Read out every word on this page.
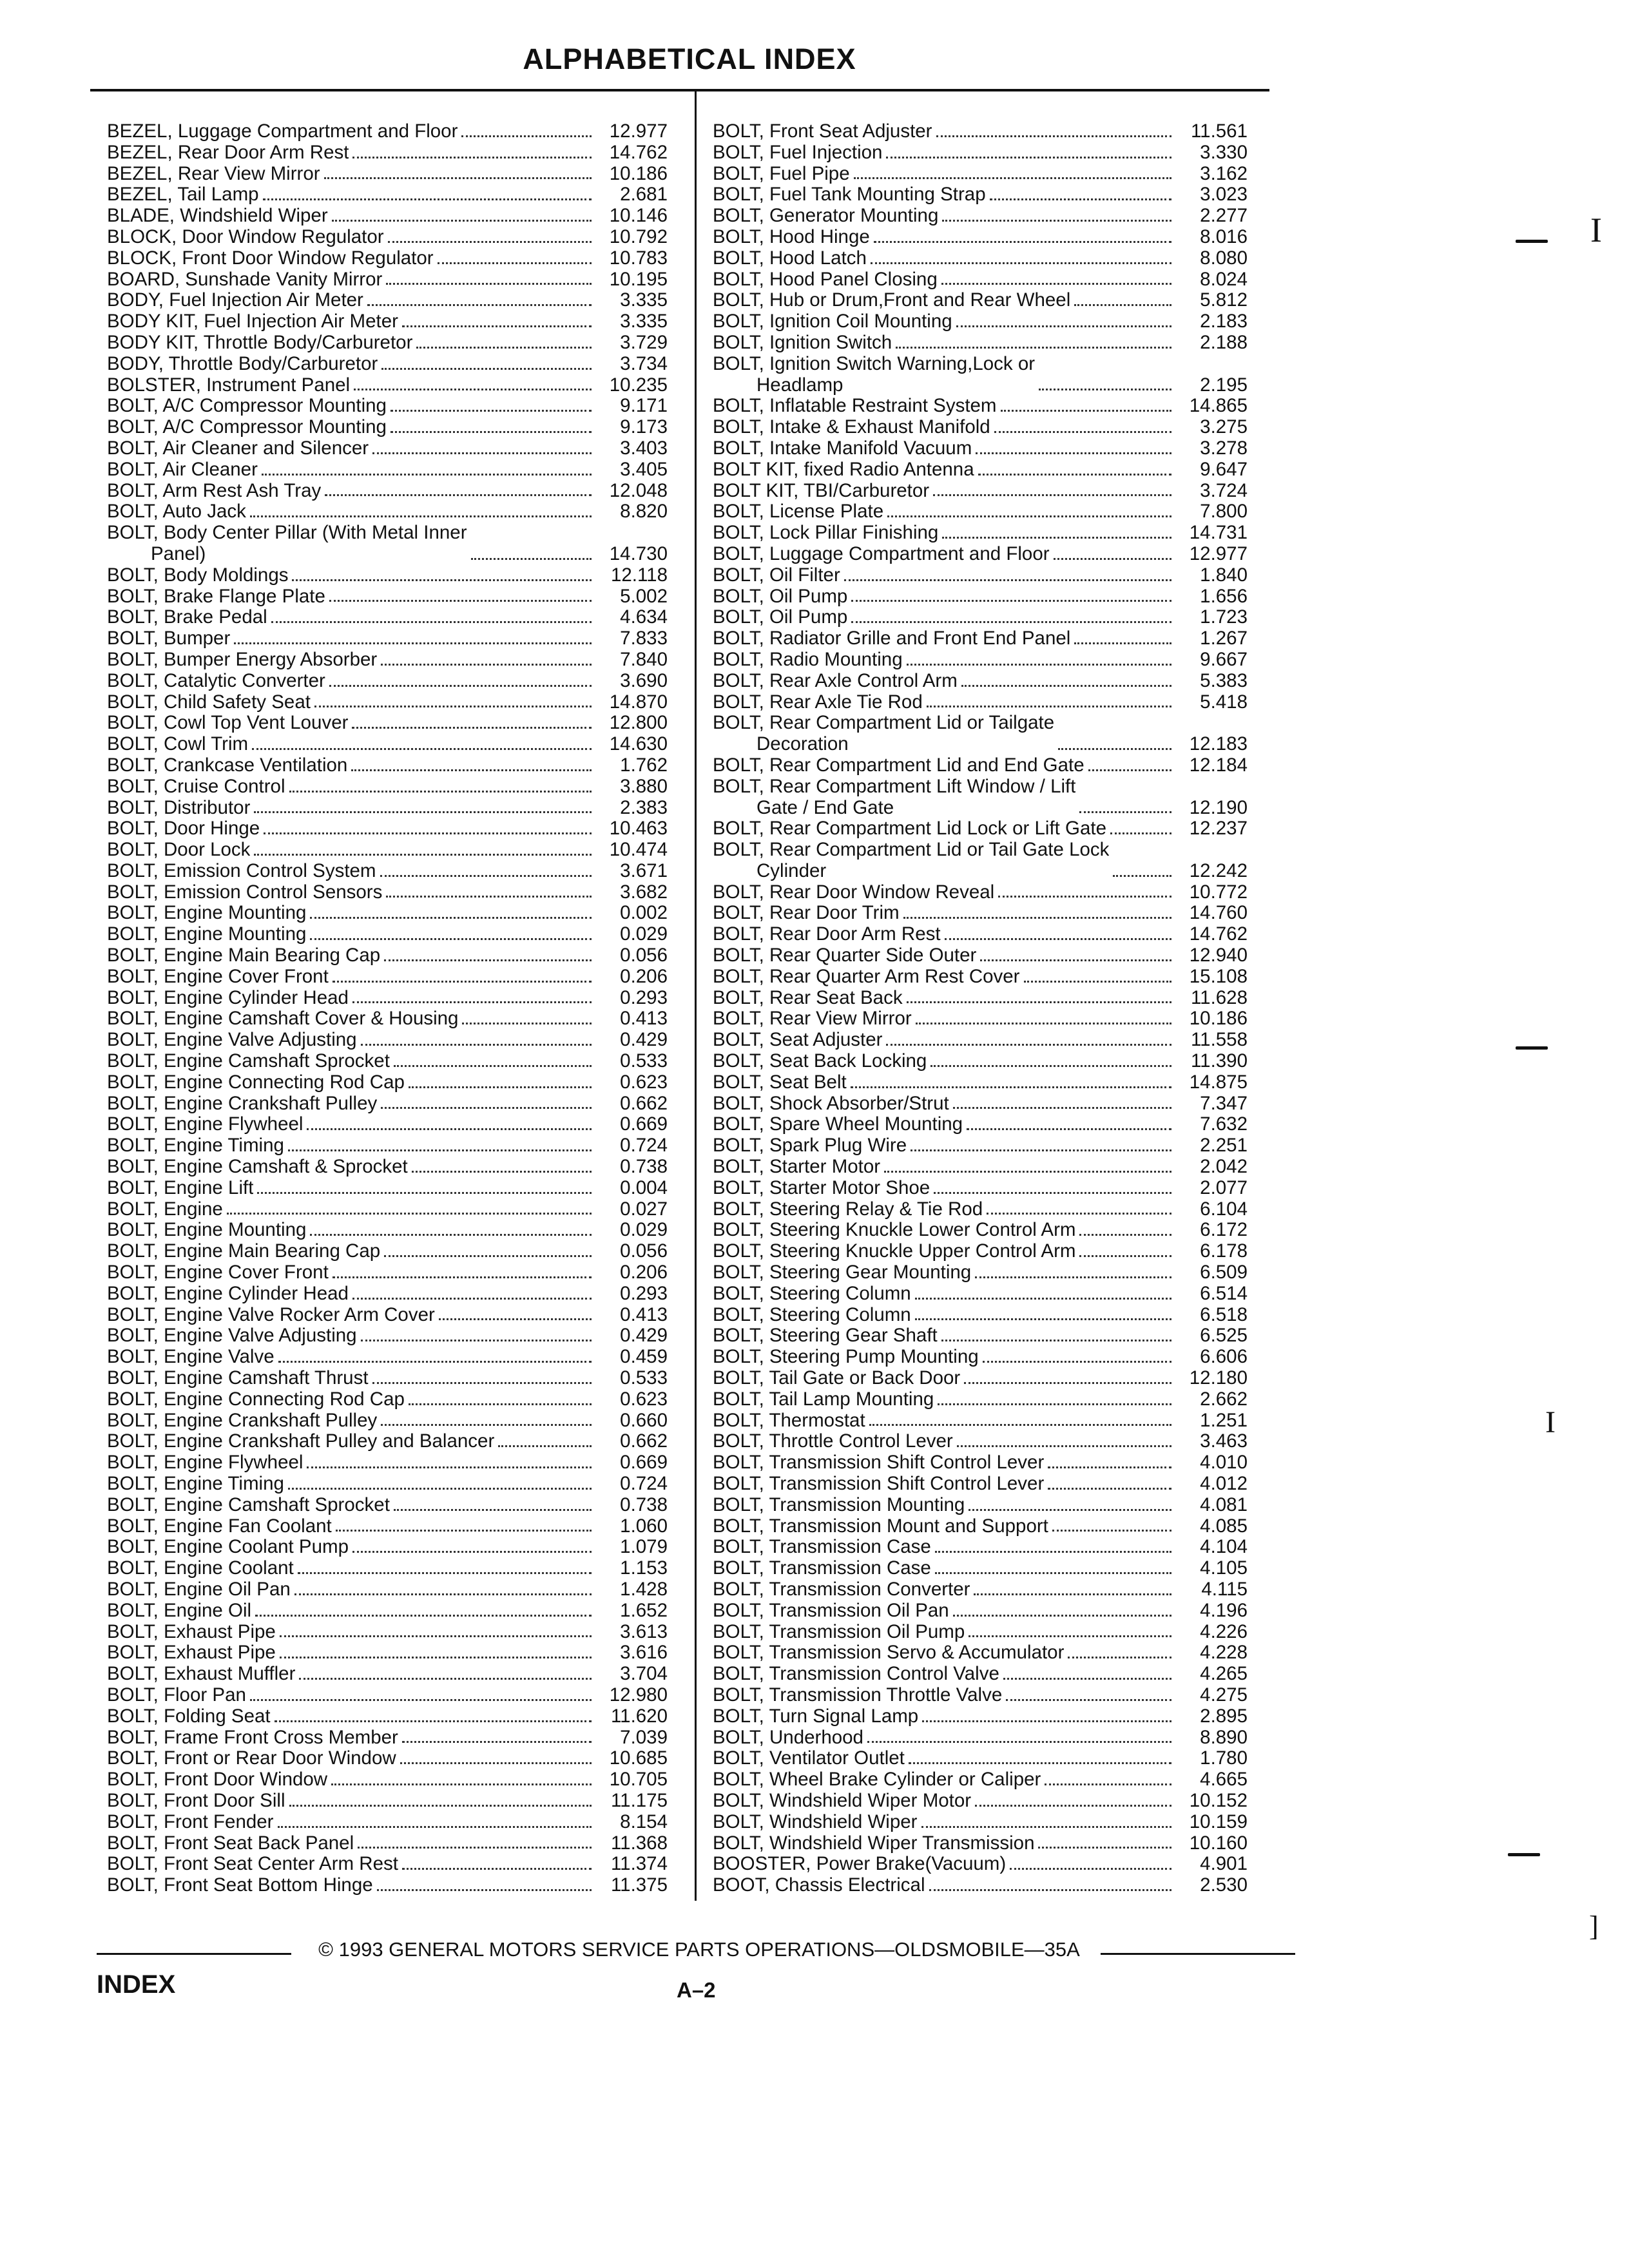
ALPHABETICAL INDEX
BEZEL, Luggage Compartment and Floor	12.977
BEZEL, Rear Door Arm Rest	14.762
BEZEL, Rear View Mirror	10.186
BEZEL, Tail Lamp	2.681
BLADE, Windshield Wiper	10.146
BLOCK, Door Window Regulator	10.792
BLOCK, Front Door Window Regulator	10.783
BOARD, Sunshade Vanity Mirror	10.195
BODY, Fuel Injection Air Meter	3.335
BODY KIT, Fuel Injection Air Meter	3.335
BODY KIT, Throttle Body/Carburetor	3.729
BODY, Throttle Body/Carburetor	3.734
BOLSTER, Instrument Panel	10.235
BOLT, A/C Compressor Mounting	9.171
BOLT, A/C Compressor Mounting	9.173
BOLT, Air Cleaner and Silencer	3.403
BOLT, Air Cleaner	3.405
BOLT, Arm Rest Ash Tray	12.048
BOLT, Auto Jack	8.820
BOLT, Body Center Pillar (With Metal Inner
Panel)	14.730
BOLT, Body Moldings	12.118
BOLT, Brake Flange Plate	5.002
BOLT, Brake Pedal	4.634
BOLT, Bumper	7.833
BOLT, Bumper Energy Absorber	7.840
BOLT, Catalytic Converter	3.690
BOLT, Child Safety Seat	14.870
BOLT, Cowl Top Vent Louver	12.800
BOLT, Cowl Trim	14.630
BOLT, Crankcase Ventilation	1.762
BOLT, Cruise Control	3.880
BOLT, Distributor	2.383
BOLT, Door Hinge	10.463
BOLT, Door Lock	10.474
BOLT, Emission Control System	3.671
BOLT, Emission Control Sensors	3.682
BOLT, Engine Mounting	0.002
BOLT, Engine Mounting	0.029
BOLT, Engine Main Bearing Cap	0.056
BOLT, Engine Cover Front	0.206
BOLT, Engine Cylinder Head	0.293
BOLT, Engine Camshaft Cover & Housing	0.413
BOLT, Engine Valve Adjusting	0.429
BOLT, Engine Camshaft Sprocket	0.533
BOLT, Engine Connecting Rod Cap	0.623
BOLT, Engine Crankshaft Pulley	0.662
BOLT, Engine Flywheel	0.669
BOLT, Engine Timing	0.724
BOLT, Engine Camshaft & Sprocket	0.738
BOLT, Engine Lift	0.004
BOLT, Engine	0.027
BOLT, Engine Mounting	0.029
BOLT, Engine Main Bearing Cap	0.056
BOLT, Engine Cover Front	0.206
BOLT, Engine Cylinder Head	0.293
BOLT, Engine Valve Rocker Arm Cover	0.413
BOLT, Engine Valve Adjusting	0.429
BOLT, Engine Valve	0.459
BOLT, Engine Camshaft Thrust	0.533
BOLT, Engine Connecting Rod Cap	0.623
BOLT, Engine Crankshaft Pulley	0.660
BOLT, Engine Crankshaft Pulley and Balancer	0.662
BOLT, Engine Flywheel	0.669
BOLT, Engine Timing	0.724
BOLT, Engine Camshaft Sprocket	0.738
BOLT, Engine Fan Coolant	1.060
BOLT, Engine Coolant Pump	1.079
BOLT, Engine Coolant	1.153
BOLT, Engine Oil Pan	1.428
BOLT, Engine Oil	1.652
BOLT, Exhaust Pipe	3.613
BOLT, Exhaust Pipe	3.616
BOLT, Exhaust Muffler	3.704
BOLT, Floor Pan	12.980
BOLT, Folding Seat	11.620
BOLT, Frame Front Cross Member	7.039
BOLT, Front or Rear Door Window	10.685
BOLT, Front Door Window	10.705
BOLT, Front Door Sill	11.175
BOLT, Front Fender	8.154
BOLT, Front Seat Back Panel	11.368
BOLT, Front Seat Center Arm Rest	11.374
BOLT, Front Seat Bottom Hinge	11.375
BOLT, Front Seat Adjuster	11.561
BOLT, Fuel Injection	3.330
BOLT, Fuel Pipe	3.162
BOLT, Fuel Tank Mounting Strap	3.023
BOLT, Generator Mounting	2.277
BOLT, Hood Hinge	8.016
BOLT, Hood Latch	8.080
BOLT, Hood Panel Closing	8.024
BOLT, Hub or Drum,Front and Rear Wheel	5.812
BOLT, Ignition Coil Mounting	2.183
BOLT, Ignition Switch	2.188
BOLT, Ignition Switch Warning,Lock or
Headlamp	2.195
BOLT, Inflatable Restraint System	14.865
BOLT, Intake & Exhaust Manifold	3.275
BOLT, Intake Manifold Vacuum	3.278
BOLT KIT, fixed Radio Antenna	9.647
BOLT KIT, TBI/Carburetor	3.724
BOLT, License Plate	7.800
BOLT, Lock Pillar Finishing	14.731
BOLT, Luggage Compartment and Floor	12.977
BOLT, Oil Filter	1.840
BOLT, Oil Pump	1.656
BOLT, Oil Pump	1.723
BOLT, Radiator Grille and Front End Panel	1.267
BOLT, Radio Mounting	9.667
BOLT, Rear Axle Control Arm	5.383
BOLT, Rear Axle Tie Rod	5.418
BOLT, Rear Compartment Lid or Tailgate
Decoration	12.183
BOLT, Rear Compartment Lid and End Gate	12.184
BOLT, Rear Compartment Lift Window / Lift
Gate / End Gate	12.190
BOLT, Rear Compartment Lid Lock or Lift Gate	12.237
BOLT, Rear Compartment Lid or Tail Gate Lock
Cylinder	12.242
BOLT, Rear Door Window Reveal	10.772
BOLT, Rear Door Trim	14.760
BOLT, Rear Door Arm Rest	14.762
BOLT, Rear Quarter Side Outer	12.940
BOLT, Rear Quarter Arm Rest Cover	15.108
BOLT, Rear Seat Back	11.628
BOLT, Rear View Mirror	10.186
BOLT, Seat Adjuster	11.558
BOLT, Seat Back Locking	11.390
BOLT, Seat Belt	14.875
BOLT, Shock Absorber/Strut	7.347
BOLT, Spare Wheel Mounting	7.632
BOLT, Spark Plug Wire	2.251
BOLT, Starter Motor	2.042
BOLT, Starter Motor Shoe	2.077
BOLT, Steering Relay & Tie Rod	6.104
BOLT, Steering Knuckle Lower Control Arm	6.172
BOLT, Steering Knuckle Upper Control Arm	6.178
BOLT, Steering Gear Mounting	6.509
BOLT, Steering Column	6.514
BOLT, Steering Column	6.518
BOLT, Steering Gear Shaft	6.525
BOLT, Steering Pump Mounting	6.606
BOLT, Tail Gate or Back Door	12.180
BOLT, Tail Lamp Mounting	2.662
BOLT, Thermostat	1.251
BOLT, Throttle Control Lever	3.463
BOLT, Transmission Shift Control Lever	4.010
BOLT, Transmission Shift Control Lever	4.012
BOLT, Transmission Mounting	4.081
BOLT, Transmission Mount and Support	4.085
BOLT, Transmission Case	4.104
BOLT, Transmission Case	4.105
BOLT, Transmission Converter	4.115
BOLT, Transmission Oil Pan	4.196
BOLT, Transmission Oil Pump	4.226
BOLT, Transmission Servo & Accumulator	4.228
BOLT, Transmission Control Valve	4.265
BOLT, Transmission Throttle Valve	4.275
BOLT, Turn Signal Lamp	2.895
BOLT, Underhood	8.890
BOLT, Ventilator Outlet	1.780
BOLT, Wheel Brake Cylinder or Caliper	4.665
BOLT, Windshield Wiper Motor	10.152
BOLT, Windshield Wiper	10.159
BOLT, Windshield Wiper Transmission	10.160
BOOSTER, Power Brake(Vacuum)	4.901
BOOT, Chassis Electrical	2.530
© 1993 GENERAL MOTORS SERVICE PARTS OPERATIONS—OLDSMOBILE—35A
INDEX	A–2
I
I
]
